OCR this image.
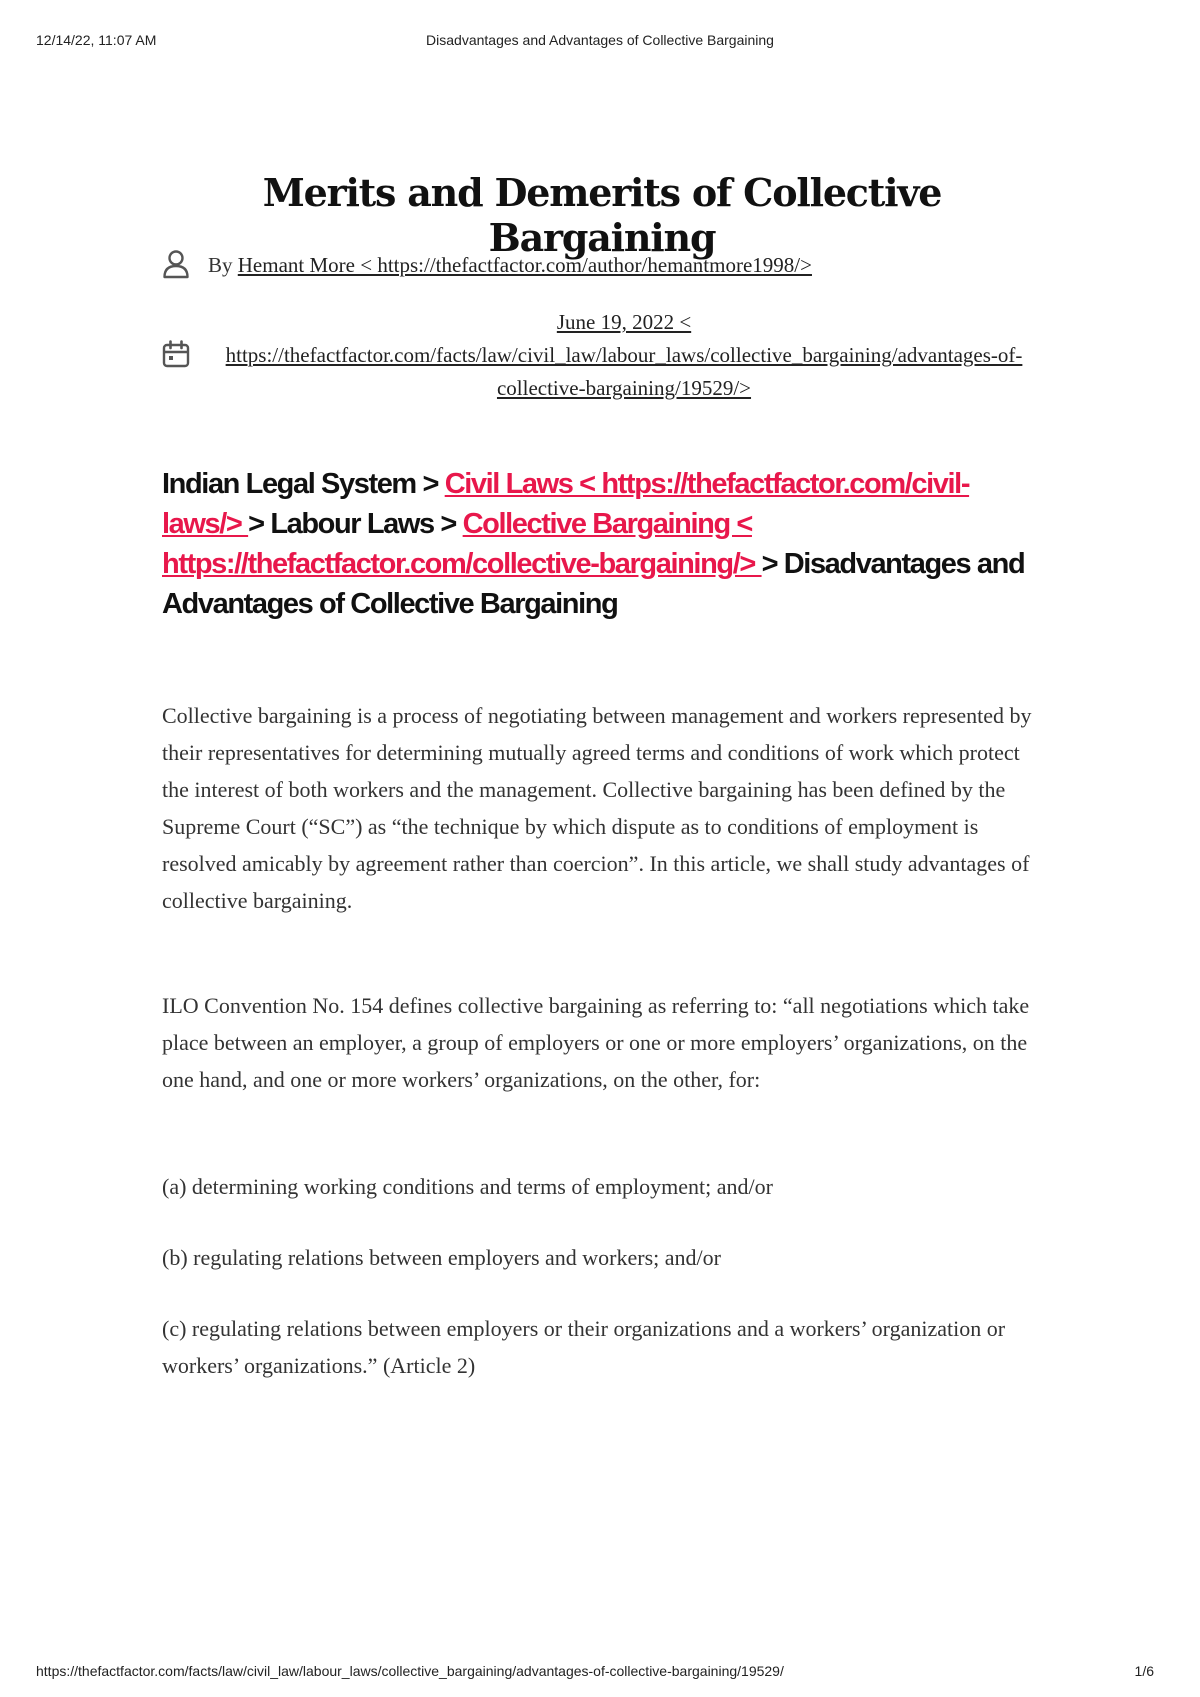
12/14/22, 11:07 AM	Disadvantages and Advantages of Collective Bargaining
Merits and Demerits of Collective Bargaining
By Hemant More < https://thefactfactor.com/author/hemantmore1998/>
June 19, 2022 < https://thefactfactor.com/facts/law/civil_law/labour_laws/collective_bargaining/advantages-of-collective-bargaining/19529/>
Indian Legal System > Civil Laws < https://thefactfactor.com/civil-laws/> > Labour Laws > Collective Bargaining < https://thefactfactor.com/collective-bargaining/> > Disadvantages and Advantages of Collective Bargaining

Collective bargaining is a process of negotiating between management and workers represented by their representatives for determining mutually agreed terms and conditions of work which protect the interest of both workers and the management. Collective bargaining has been defined by the Supreme Court (“SC”) as “the technique by which dispute as to conditions of employment is resolved amicably by agreement rather than coercion”. In this article, we shall study advantages of collective bargaining.

ILO Convention No. 154 defines collective bargaining as referring to: “all negotiations which take place between an employer, a group of employers or one or more employers’ organizations, on the one hand, and one or more workers’ organizations, on the other, for:

(a) determining working conditions and terms of employment; and/or

(b) regulating relations between employers and workers; and/or

(c) regulating relations between employers or their organizations and a workers’ organization or workers’ organizations.” (Article 2)

https://thefactfactor.com/facts/law/civil_law/labour_laws/collective_bargaining/advantages-of-collective-bargaining/19529/	1/6
